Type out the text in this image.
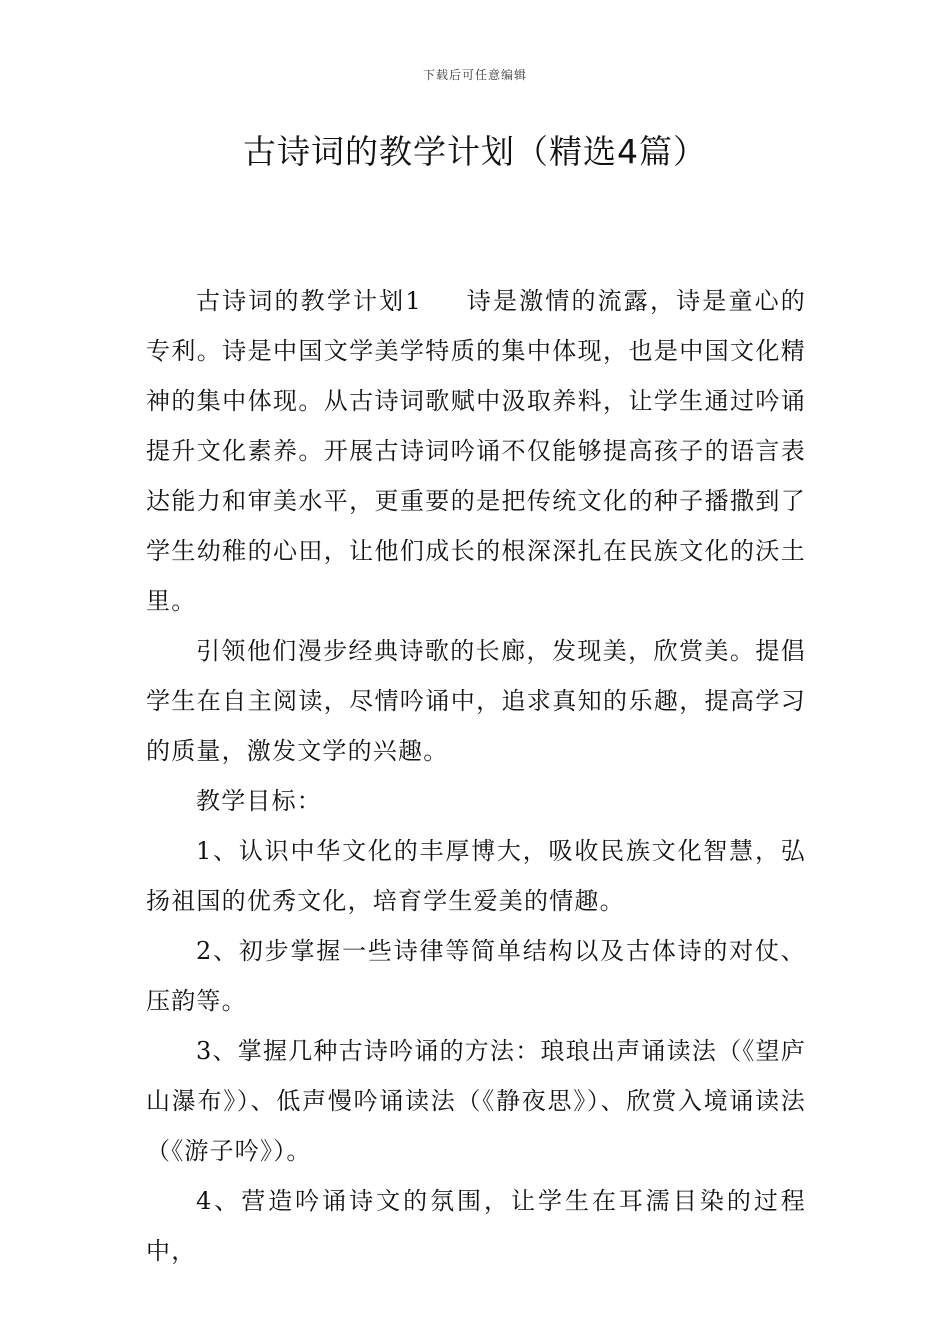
下载后可任意编辑
古诗词的教学计划（精选4篇）

古诗词的教学计划1 诗是激情的流露，诗是童心的专利。诗是中国文学美学特质的集中体现，也是中国文化精神的集中体现。从古诗词歌赋中汲取养料，让学生通过吟诵提升文化素养。开展古诗词吟诵不仅能够提高孩子的语言表达能力和审美水平，更重要的是把传统文化的种子播撒到了学生幼稚的心田，让他们成长的根深深扎在民族文化的沃土里。

引领他们漫步经典诗歌的长廊，发现美，欣赏美。提倡学生在自主阅读，尽情吟诵中，追求真知的乐趣，提高学习的质量，激发文学的兴趣。

教学目标：

1、认识中华文化的丰厚博大，吸收民族文化智慧，弘扬祖国的优秀文化，培育学生爱美的情趣。

2、初步掌握一些诗律等简单结构以及古体诗的对仗、压韵等。

3、掌握几种古诗吟诵的方法：琅琅出声诵读法（《望庐山瀑布》）、低声慢吟诵读法（《静夜思》）、欣赏入境诵读法（《游子吟》）。

4、营造吟诵诗文的氛围，让学生在耳濡目染的过程中，
